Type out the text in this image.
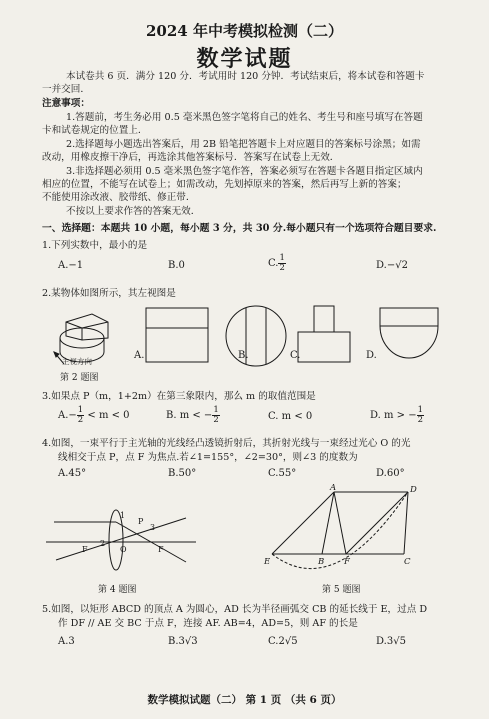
2024 年中考模拟检测（二）
数学试题
本试卷共 6 页．满分 120 分．考试用时 120 分钟．考试结束后，将本试卷和答题卡
一并交回．
注意事项：
1.答题前，考生务必用 0.5 毫米黑色签字笔将自己的姓名、考生号和座号填写在答题
卡和试卷规定的位置上．
2.选择题每小题选出答案后，用 2B 铅笔把答题卡上对应题目的答案标号涂黑；如需
改动，用橡皮擦干净后，再选涂其他答案标号．答案写在试卷上无效．
3.非选择题必须用 0.5 毫米黑色签字笔作答，答案必须写在答题卡各题目指定区域内
相应的位置，不能写在试卷上；如需改动，先划掉原来的答案，然后再写上新的答案；
不能使用涂改液、胶带纸、修正带．
不按以上要求作答的答案无效．
一、选择题：本题共 10 小题，每小题 3 分，共 30 分.每小题只有一个选项符合题目要求.
1.下列实数中，最小的是
A.−1	B.0	C. $\frac{1}{2}$	D.−√2
2.某物体如图所示，其左视图是
主视方向
第 2 题图
A.	B.	C.	D.
3.如果点 P（m，1+2m）在第三象限内，那么 m 的取值范围是
$A.- \frac{1}{2} < m < 0$	B. m < − $\frac{1}{2}$	C. m < 0	D. m > − $\frac{1}{2}$
4.如图，一束平行于主光轴的光线经凸透镜折射后，其折射光线与一束经过光心 O 的光
线相交于点 P，点 F 为焦点.若∠1=155°，∠2=30°，则∠3 的度数为
A.45°	B.50°	C.55°	D.60°
1
2
3
P
O
F	F
第 4 题图
A	D
E	B F	C
第 5 题图
5.如图，以矩形 ABCD 的顶点 A 为圆心，AD 长为半径画弧交 CB 的延长线于 E，过点 D
作 DF // AE 交 BC 于点 F，连接 AF. AB=4，AD=5，则 AF 的长是
A.3	B.3√3	C.2√5	D.3√5
数学模拟试题（二） 第 1 页 （共 6 页）
